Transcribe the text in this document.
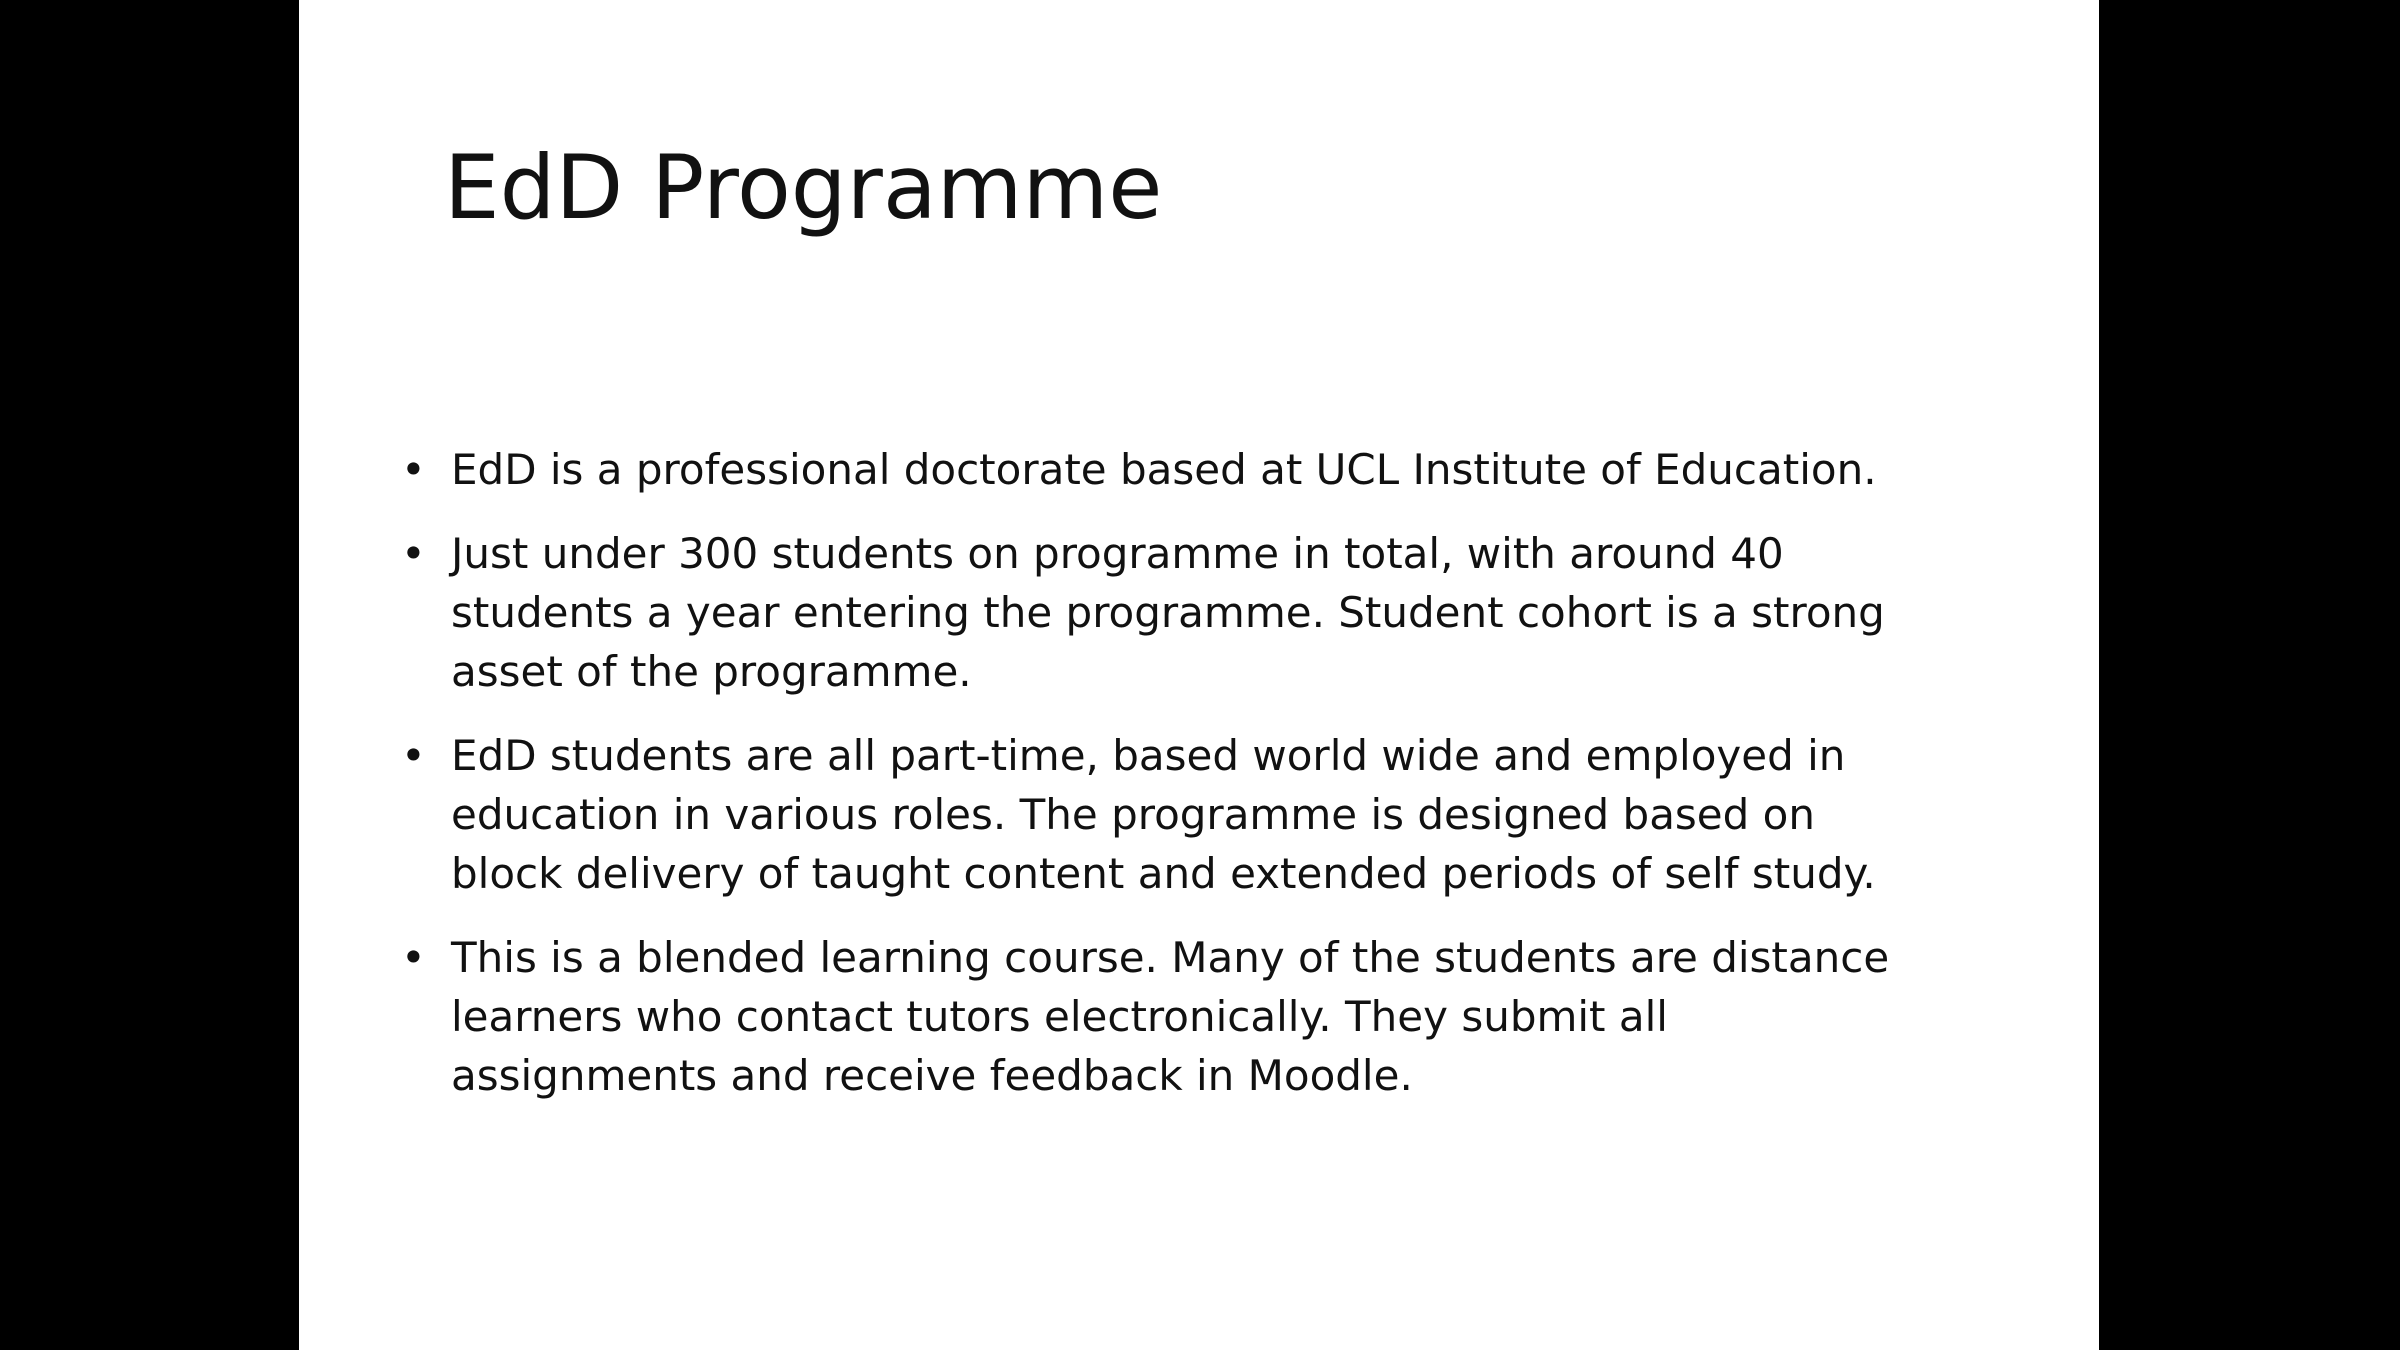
EdD Programme
• EdD is a professional doctorate based at UCL Institute of Education.
• Just under 300 students on programme in total, with around 40
students a year entering the programme. Student cohort is a strong
asset of the programme.
• EdD students are all part-time, based world wide and employed in
education in various roles. The programme is designed based on
block delivery of taught content and extended periods of self study.
• This is a blended learning course. Many of the students are distance
learners who contact tutors electronically. They submit all
assignments and receive feedback in Moodle.
